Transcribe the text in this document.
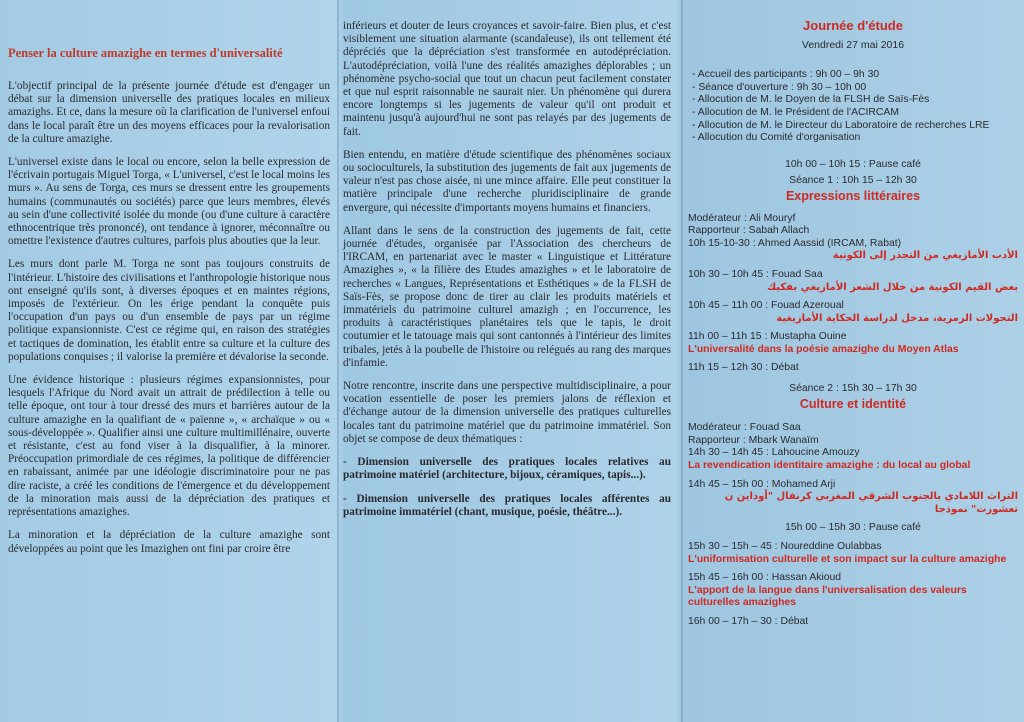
Penser la culture amazighe en termes d'universalité

L'objectif principal de la présente journée d'étude est d'engager un débat sur la dimension universelle des pratiques locales en milieux amazighs. Et ce, dans la mesure où la clarification de l'universel enfoui dans le local paraît être un des moyens efficaces pour la revalorisation de la culture amazighe.

L'universel existe dans le local ou encore, selon la belle expression de l'écrivain portugais Miguel Torga, « L'universel, c'est le local moins les murs ». Au sens de Torga, ces murs se dressent entre les groupements humains (communautés ou sociétés) parce que leurs membres, élevés au sein d'une collectivité isolée du monde (ou d'une culture à caractère ethnocentrique très prononcé), ont tendance à ignorer, méconnaître ou omettre l'existence d'autres cultures, parfois plus abouties que la leur.

Les murs dont parle M. Torga ne sont pas toujours construits de l'intérieur. L'histoire des civilisations et l'anthropologie historique nous ont enseigné qu'ils sont, à diverses époques et en maintes régions, imposés de l'extérieur. On les érige pendant la conquête puis l'occupation d'un pays ou d'un ensemble de pays par un régime politique expansionniste. C'est ce régime qui, en raison des stratégies et tactiques de domination, les établit entre sa culture et la culture des populations conquises ; il valorise la première et dévalorise la seconde.

Une évidence historique : plusieurs régimes expansionnistes, pour lesquels l'Afrique du Nord avait un attrait de prédilection à telle ou telle époque, ont tour à tour dressé des murs et barrières autour de la culture amazighe en la qualifiant de « païenne », « archaïque » ou « sous-développée ». Qualifier ainsi une culture multimillénaire, ouverte et résistante, c'est au fond viser à la disqualifier, à la minorer. Préoccupation primordiale de ces régimes, la politique de différencier en rabaissant, animée par une idéologie discriminatoire pour ne pas dire raciste, a créé les conditions de l'émergence et du développement de la minoration mais aussi de la dépréciation des pratiques et représentations amazighes.

La minoration et la dépréciation de la culture amazighe sont développées au point que les Imazighen ont fini par croire être

inférieurs et douter de leurs croyances et savoir-faire. Bien plus, et c'est visiblement une situation alarmante (scandaleuse), ils ont tellement été dépréciés que la dépréciation s'est transformée en autodépréciation. L'autodépréciation, voilà l'une des réalités amazighes déplorables ; un phénomène psycho-social que tout un chacun peut facilement constater et que nul esprit raisonnable ne saurait nier. Un phénomène qui durera encore longtemps si les jugements de valeur qu'il ont produit et maintenu jusqu'à aujourd'hui ne sont pas relayés par des jugements de fait.

Bien entendu, en matière d'étude scientifique des phénomènes sociaux ou socioculturels, la substitution des jugements de fait aux jugements de valeur n'est pas chose aisée, ni une mince affaire. Elle peut constituer la matière principale d'une recherche pluridisciplinaire de grande envergure, qui nécessite d'importants moyens humains et financiers.

Allant dans le sens de la construction des jugements de fait, cette journée d'études, organisée par l'Association des chercheurs de l'IRCAM, en partenariat avec le master « Linguistique et Littérature Amazighes », « la filière des Etudes amazighes » et le laboratoire de recherches « Langues, Représentations et Esthétiques » de la FLSH de Saïs-Fès, se propose donc de tirer au clair les produits matériels et immatériels du patrimoine culturel amazigh ; en l'occurrence, les produits à caractéristiques planétaires tels que le tapis, le droit coutumier et le tatouage mais qui sont cantonnés à l'intérieur des limites tribales, jetés à la poubelle de l'histoire ou relégués au rang des marques d'infamie.

Notre rencontre, inscrite dans une perspective multidisciplinaire, a pour vocation essentielle de poser les premiers jalons de réflexion et d'échange autour de la dimension universelle des pratiques culturelles locales tant du patrimoine matériel que du patrimoine immatériel. Son objet se compose de deux thématiques :

- Dimension universelle des pratiques locales relatives au patrimoine matériel (architecture, bijoux, céramiques, tapis...).

- Dimension universelle des pratiques locales afférentes au patrimoine immatériel (chant, musique, poésie, théâtre...).

Journée d'étude
Vendredi 27 mai 2016
- Accueil des participants : 9h 00 – 9h 30
- Séance d'ouverture : 9h 30 – 10h 00
- Allocution de M. le Doyen de la FLSH de Saïs-Fès
- Allocution de M. le Président de l'ACIRCAM
- Allocution de M. le Directeur du Laboratoire de recherches LRE
- Allocution du Comité d'organisation
10h 00 – 10h 15 : Pause café
Séance 1 : 10h 15 – 12h 30
Expressions littéraires
Modérateur : Ali Mouryf
Rapporteur : Sabah Allach
10h 15-10-30 : Ahmed Aassid (IRCAM, Rabat)
الأدب الأمازيغي من التجذر إلى الكونية
10h 30 – 10h 45 : Fouad Saa
بعض القيم الكونية من خلال الشعر الأمازيغي بفكيك
10h 45 – 11h 00 : Fouad Azeroual
التحولات الرمزية، مدخل لدراسة الحكاية الأمازيغية
11h 00 – 11h 15 : Mustapha Ouine
L'universalité dans la poésie amazighe du Moyen Atlas
11h 15 – 12h 30 : Débat
Séance 2 : 15h 30 – 17h 30
Culture et identité
Modérateur : Fouad Saa
Rapporteur : Mbark Wanaïm
14h 30 – 14h 45 : Lahoucine Amouzy
La revendication identitaire amazighe : du local au global
14h 45 – 15h 00 : Mohamed Arji
التراث اللامادي بالجنوب الشرقي المغربي كرنفال "أوداين ن تعشورت" نموذجا
15h 00 – 15h 30 : Pause café
15h 30 – 15h – 45 : Noureddine Oulabbas
L'uniformisation culturelle et son impact sur la culture amazighe
15h 45 – 16h 00 : Hassan Akioud
L'apport de la langue dans l'universalisation des valeurs culturelles amazighes
16h 00 – 17h – 30 : Débat
